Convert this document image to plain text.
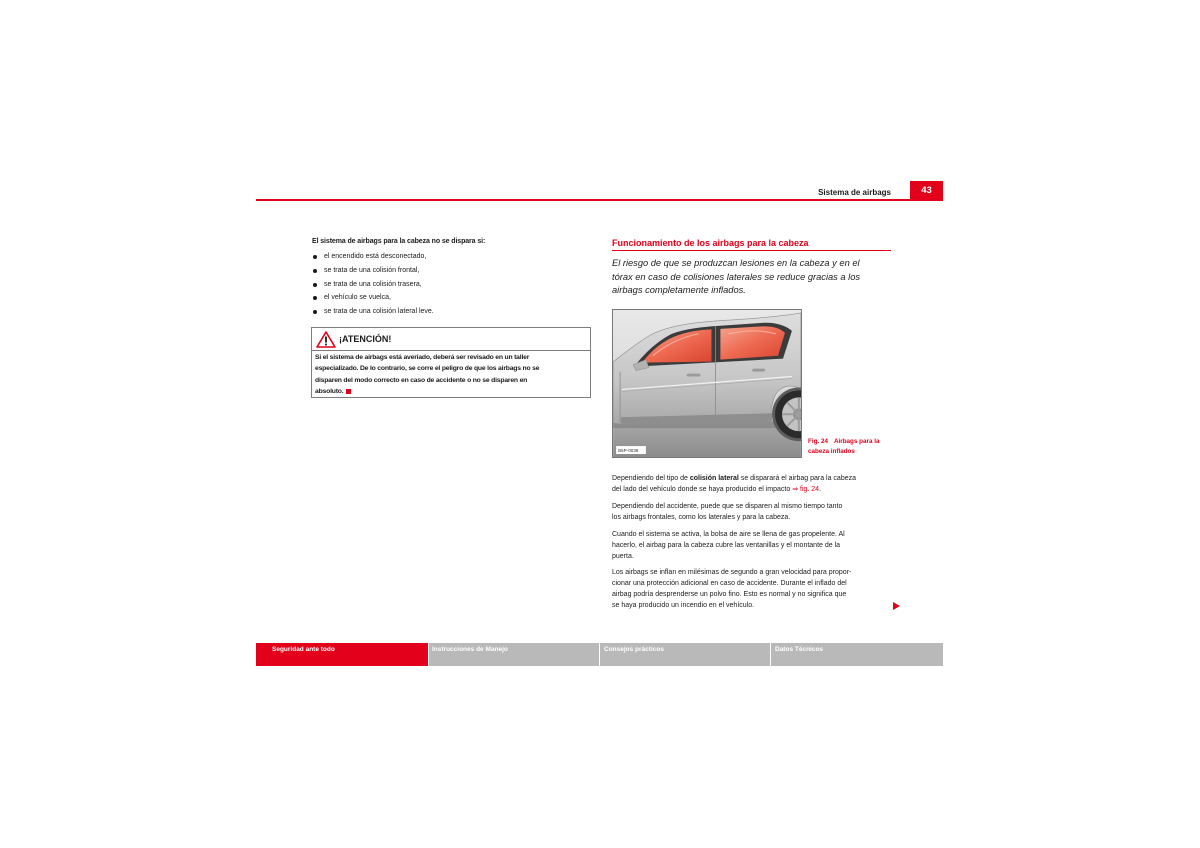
Sistema de airbags	43
El sistema de airbags para la cabeza no se dispara si:
el encendido está desconectado,
se trata de una colisión frontal,
se trata de una colisión trasera,
el vehículo se vuelca,
se trata de una colisión lateral leve.
¡ATENCIÓN!
Si el sistema de airbags está averiado, deberá ser revisado en un taller
especializado. De lo contrario, se corre el peligro de que los airbags no se
disparen del modo correcto en caso de accidente o no se disparen en
absoluto.
Funcionamiento de los airbags para la cabeza
El riesgo de que se produzcan lesiones en la cabeza y en el
tórax en caso de colisiones laterales se reduce gracias a los
airbags completamente inflados.
B5P-0036
Fig. 24 Airbags para la
cabeza inflados
Dependiendo del tipo de colisión lateral se disparará el airbag para la cabeza
del lado del vehículo donde se haya producido el impacto ⇒ fig. 24.
Dependiendo del accidente, puede que se disparen al mismo tiempo tanto
los airbags frontales, como los laterales y para la cabeza.
Cuando el sistema se activa, la bolsa de aire se llena de gas propelente. Al
hacerlo, el airbag para la cabeza cubre las ventanillas y el montante de la
puerta.
Los airbags se inflan en milésimas de segundo a gran velocidad para propor-
cionar una protección adicional en caso de accidente. Durante el inflado del
airbag podría desprenderse un polvo fino. Esto es normal y no significa que
se haya producido un incendio en el vehículo.
Seguridad ante todo	Instrucciones de Manejo	Consejos prácticos	Datos Técnicos
